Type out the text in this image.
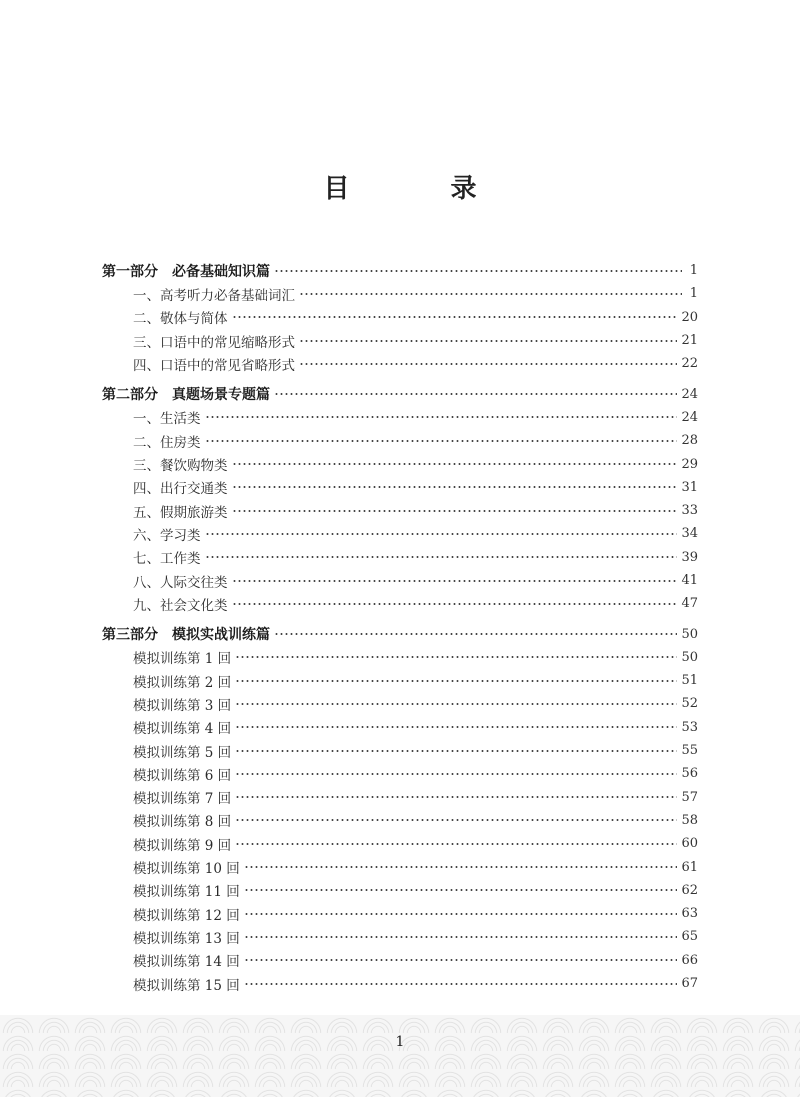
目 录
第一部分　必备基础知识篇	1
一、高考听力必备基础词汇	1
二、敬体与简体	20
三、口语中的常见缩略形式	21
四、口语中的常见省略形式	22
第二部分　真题场景专题篇	24
一、生活类	24
二、住房类	28
三、餐饮购物类	29
四、出行交通类	31
五、假期旅游类	33
六、学习类	34
七、工作类	39
八、人际交往类	41
九、社会文化类	47
第三部分　模拟实战训练篇	50
模拟训练第 1 回	50
模拟训练第 2 回	51
模拟训练第 3 回	52
模拟训练第 4 回	53
模拟训练第 5 回	55
模拟训练第 6 回	56
模拟训练第 7 回	57
模拟训练第 8 回	58
模拟训练第 9 回	60
模拟训练第 10 回	61
模拟训练第 11 回	62
模拟训练第 12 回	63
模拟训练第 13 回	65
模拟训练第 14 回	66
模拟训练第 15 回	67
1
